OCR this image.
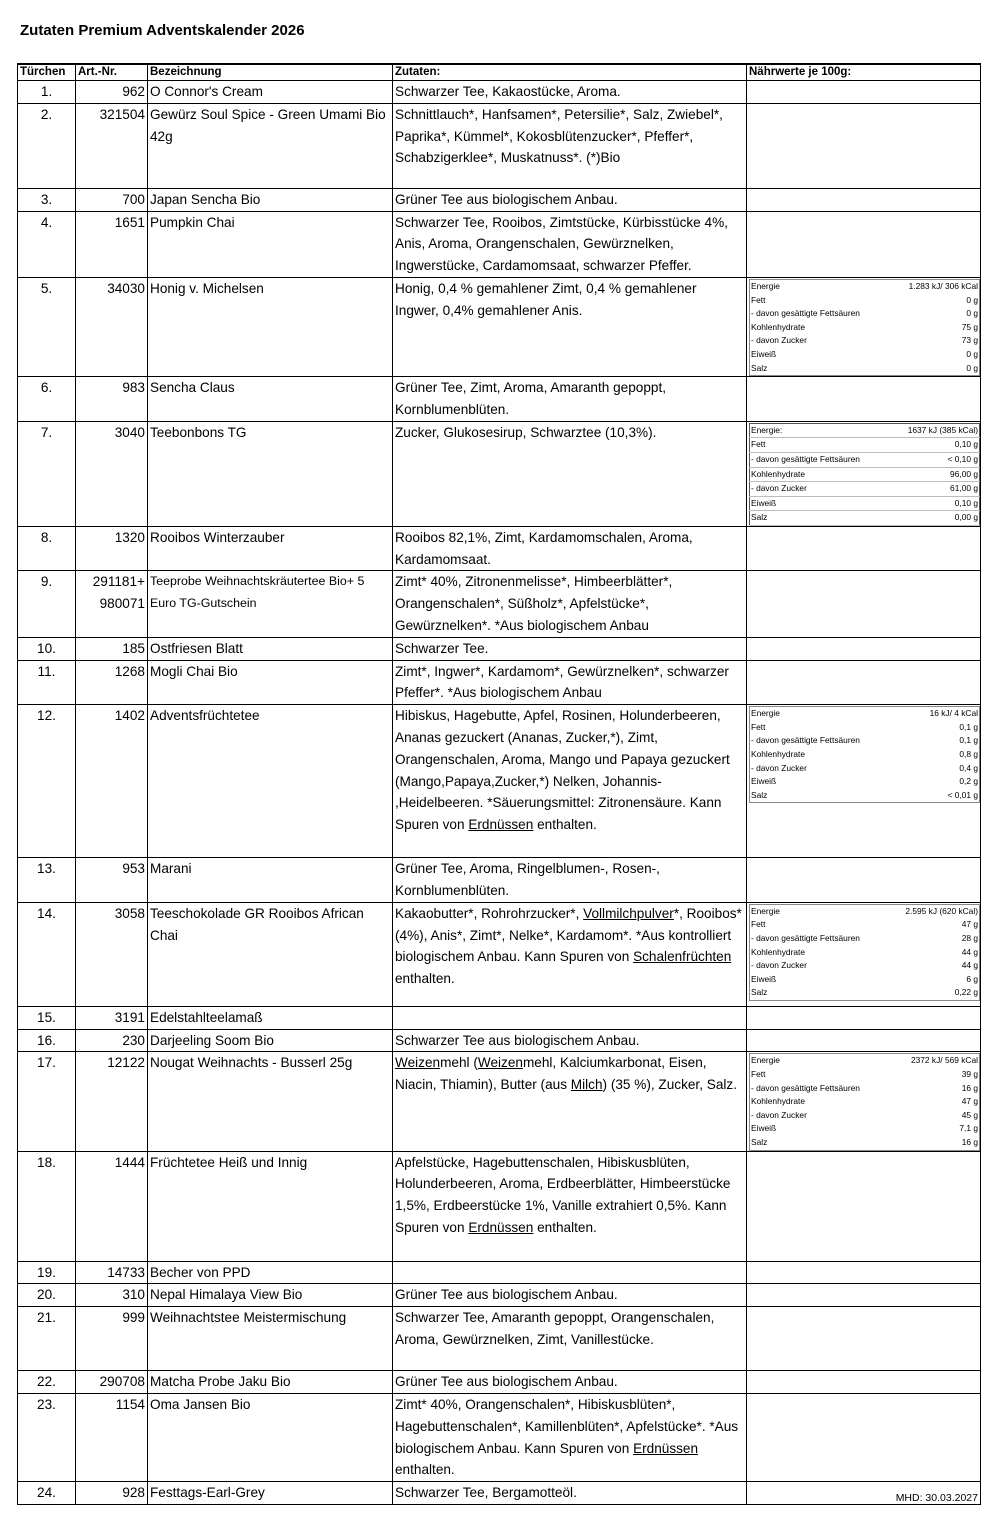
Zutaten Premium Adventskalender 2026
Türchen	Art.-Nr.	Bezeichnung	Zutaten:	Nährwerte je 100g:
1.	962	O Connor's Cream	Schwarzer Tee, Kakaostücke, Aroma.	
2.	321504	Gewürz Soul Spice - Green Umami Bio 42g	Schnittlauch*, Hanfsamen*, Petersilie*, Salz, Zwiebel*, Paprika*, Kümmel*, Kokosblütenzucker*, Pfeffer*, Schabzigerklee*, Muskatnuss*. (*)Bio	
3.	700	Japan Sencha Bio	Grüner Tee aus biologischem Anbau.	
4.	1651	Pumpkin Chai	Schwarzer Tee, Rooibos, Zimtstücke, Kürbisstücke 4%, Anis, Aroma, Orangenschalen, Gewürznelken, Ingwerstücke, Cardamomsaat, schwarzer Pfeffer.	
5.	34030	Honig v. Michelsen	Honig, 0,4 % gemahlener Zimt, 0,4 % gemahlener Ingwer, 0,4% gemahlener Anis.	
Energie	1.283 kJ/ 306 kCal
Fett	0 g
- davon gesättigte Fettsäuren	0 g
Kohlenhydrate	75 g
- davon Zucker	73 g
Eiweiß	0 g
Salz	0 g

6.	983	Sencha Claus	Grüner Tee, Zimt, Aroma, Amaranth gepoppt, Kornblumenblüten.	
7.	3040	Teebonbons TG	Zucker, Glukosesirup, Schwarztee (10,3%).		Energie:	1637 kJ (385 kCal)
Fett	0,10 g
- davon gesättigte Fettsäuren	< 0,10 g
Kohlenhydrate	96,00 g
- davon Zucker	61,00 g
Eiweiß	0,10 g
Salz	0,00 g

8.	1320	Rooibos Winterzauber	Rooibos 82,1%, Zimt, Kardamomschalen, Aroma, Kardamomsaat.	
9.	291181+ 980071	Teeprobe Weihnachtskräutertee Bio+ 5 Euro TG-Gutschein	Zimt* 40%, Zitronenmelisse*, Himbeerblätter*, Orangenschalen*, Süßholz*, Apfelstücke*, Gewürznelken*. *Aus biologischem Anbau	
10.	185	Ostfriesen Blatt	Schwarzer Tee.	
11.	1268	Mogli Chai Bio	Zimt*, Ingwer*, Kardamom*, Gewürznelken*, schwarzer Pfeffer*. *Aus biologischem Anbau	
12.	1402	Adventsfrüchtetee	Hibiskus, Hagebutte, Apfel, Rosinen, Holunderbeeren, Ananas gezuckert (Ananas, Zucker,*), Zimt, Orangenschalen, Aroma, Mango und Papaya gezuckert (Mango,Papaya,Zucker,*) Nelken, Johannis- ,Heidelbeeren. *Säuerungsmittel: Zitronensäure. Kann Spuren von Erdnüssen enthalten.	
Energie	16 kJ/ 4 kCal
Fett	0,1 g
- davon gesättigte Fettsäuren	0,1 g
Kohlenhydrate	0,8 g
- davon Zucker	0,4 g
Eiweiß	0,2 g
Salz	< 0,01 g

13.	953	Marani	Grüner Tee, Aroma, Ringelblumen-, Rosen-, Kornblumenblüten.	
14.	3058	Teeschokolade GR Rooibos African Chai	Kakaobutter*, Rohrohrzucker*, Vollmilchpulver*, Rooibos* (4%), Anis*, Zimt*, Nelke*, Kardamom*. *Aus kontrolliert biologischem Anbau. Kann Spuren von Schalenfrüchten enthalten.	
Energie	2.595 kJ (620 kCal)
Fett	47 g
- davon gesättigte Fettsäuren	28 g
Kohlenhydrate	44 g
- davon Zucker	44 g
Eiweiß	6 g
Salz	0,22 g

15.	3191	Edelstahlteelamaß		
16.	230	Darjeeling Soom Bio	Schwarzer Tee aus biologischem Anbau.	
17.	12122	Nougat Weihnachts - Busserl 25g	Weizenmehl (Weizenmehl, Kalciumkarbonat, Eisen, Niacin, Thiamin), Butter (aus Milch) (35 %), Zucker, Salz.	
Energie	2372 kJ/ 569 kCal
Fett	39 g
- davon gesättigte Fettsäuren	16 g
Kohlenhydrate	47 g
- davon Zucker	45 g
Eiweiß	7,1 g
Salz	16 g

18.	1444	Früchtetee Heiß und Innig	Apfelstücke, Hagebuttenschalen, Hibiskusblüten, Holunderbeeren, Aroma, Erdbeerblätter, Himbeerstücke 1,5%, Erdbeerstücke 1%, Vanille extrahiert 0,5%. Kann Spuren von Erdnüssen enthalten.	
19.	14733	Becher von PPD		
20.	310	Nepal Himalaya View Bio	Grüner Tee aus biologischem Anbau.	
21.	999	Weihnachtstee Meistermischung	Schwarzer Tee, Amaranth gepoppt, Orangenschalen, Aroma, Gewürznelken, Zimt, Vanillestücke.	
22.	290708	Matcha Probe Jaku Bio	Grüner Tee aus biologischem Anbau.	
23.	1154	Oma Jansen Bio	Zimt* 40%, Orangenschalen*, Hibiskusblüten*, Hagebuttenschalen*, Kamillenblüten*, Apfelstücke*. *Aus biologischem Anbau. Kann Spuren von Erdnüssen enthalten.	
24.	928	Festtags-Earl-Grey	Schwarzer Tee, Bergamotteöl.		MHD: 30.03.2027
